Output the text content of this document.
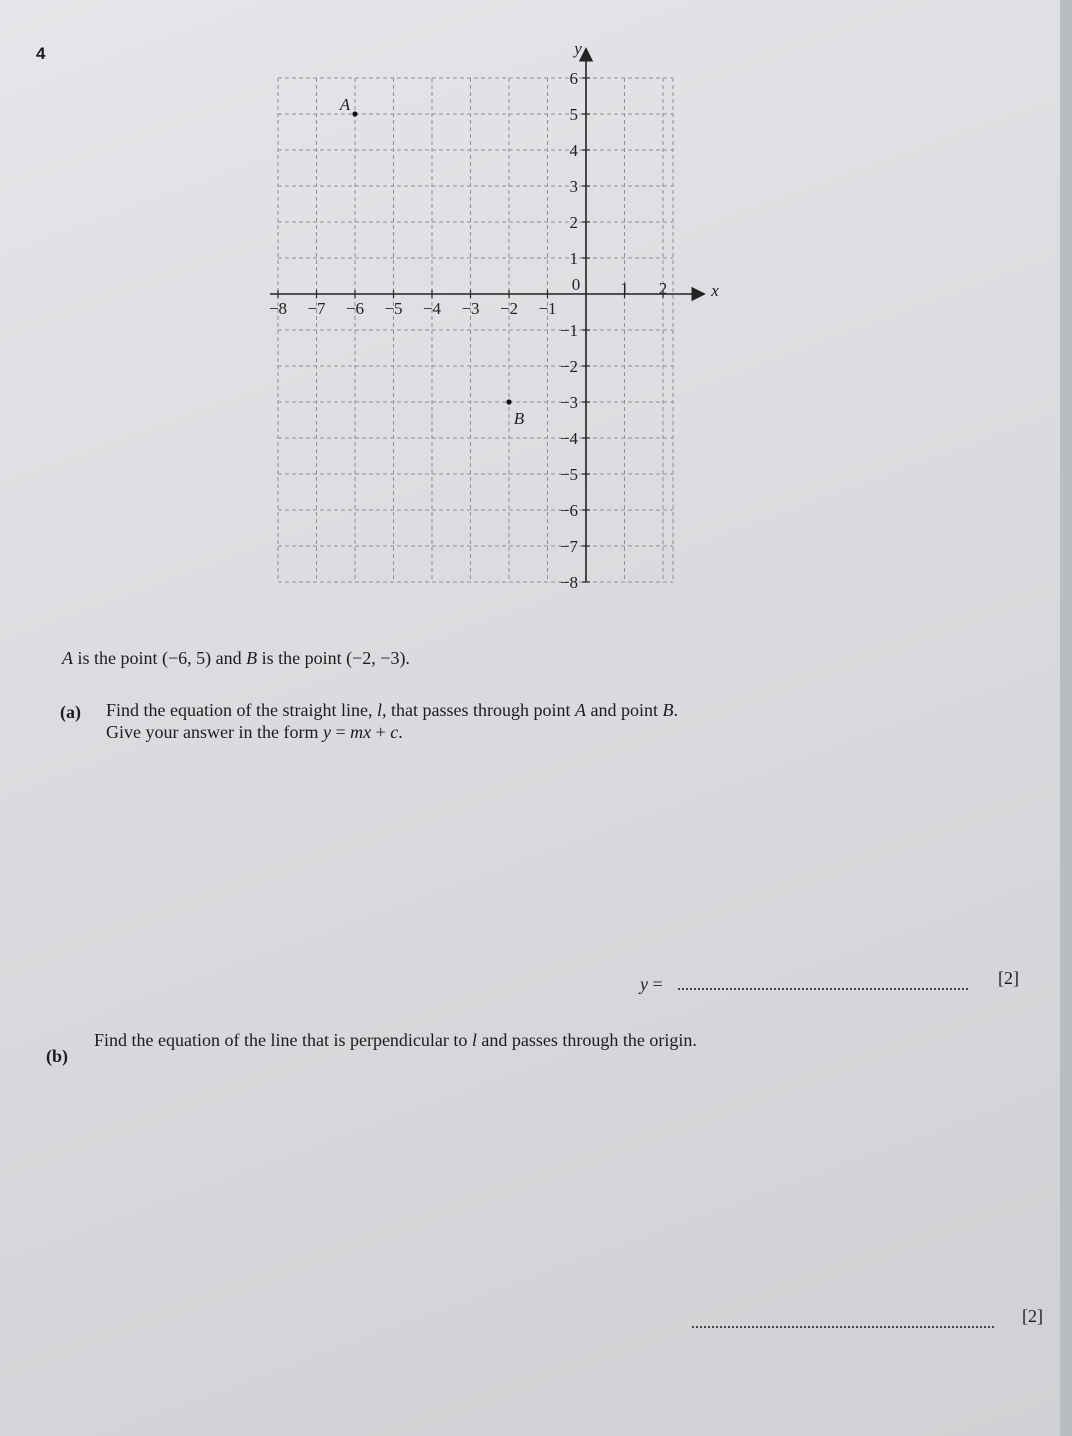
4
x
y
0
−8 −7 −6 −5 −4 −3 −2 −1
1 2
6
5
4
3
2
1
−1
−2
−3
−4
−5
−6
−7
−8
A
B
A is the point (−6, 5) and B is the point (−2, −3).
(a) Find the equation of the straight line, l, that passes through point A and point B.
Give your answer in the form y = mx + c.
y =	[2]
(b)
Find the equation of the line that is perpendicular to l and passes through the origin.
[2]
